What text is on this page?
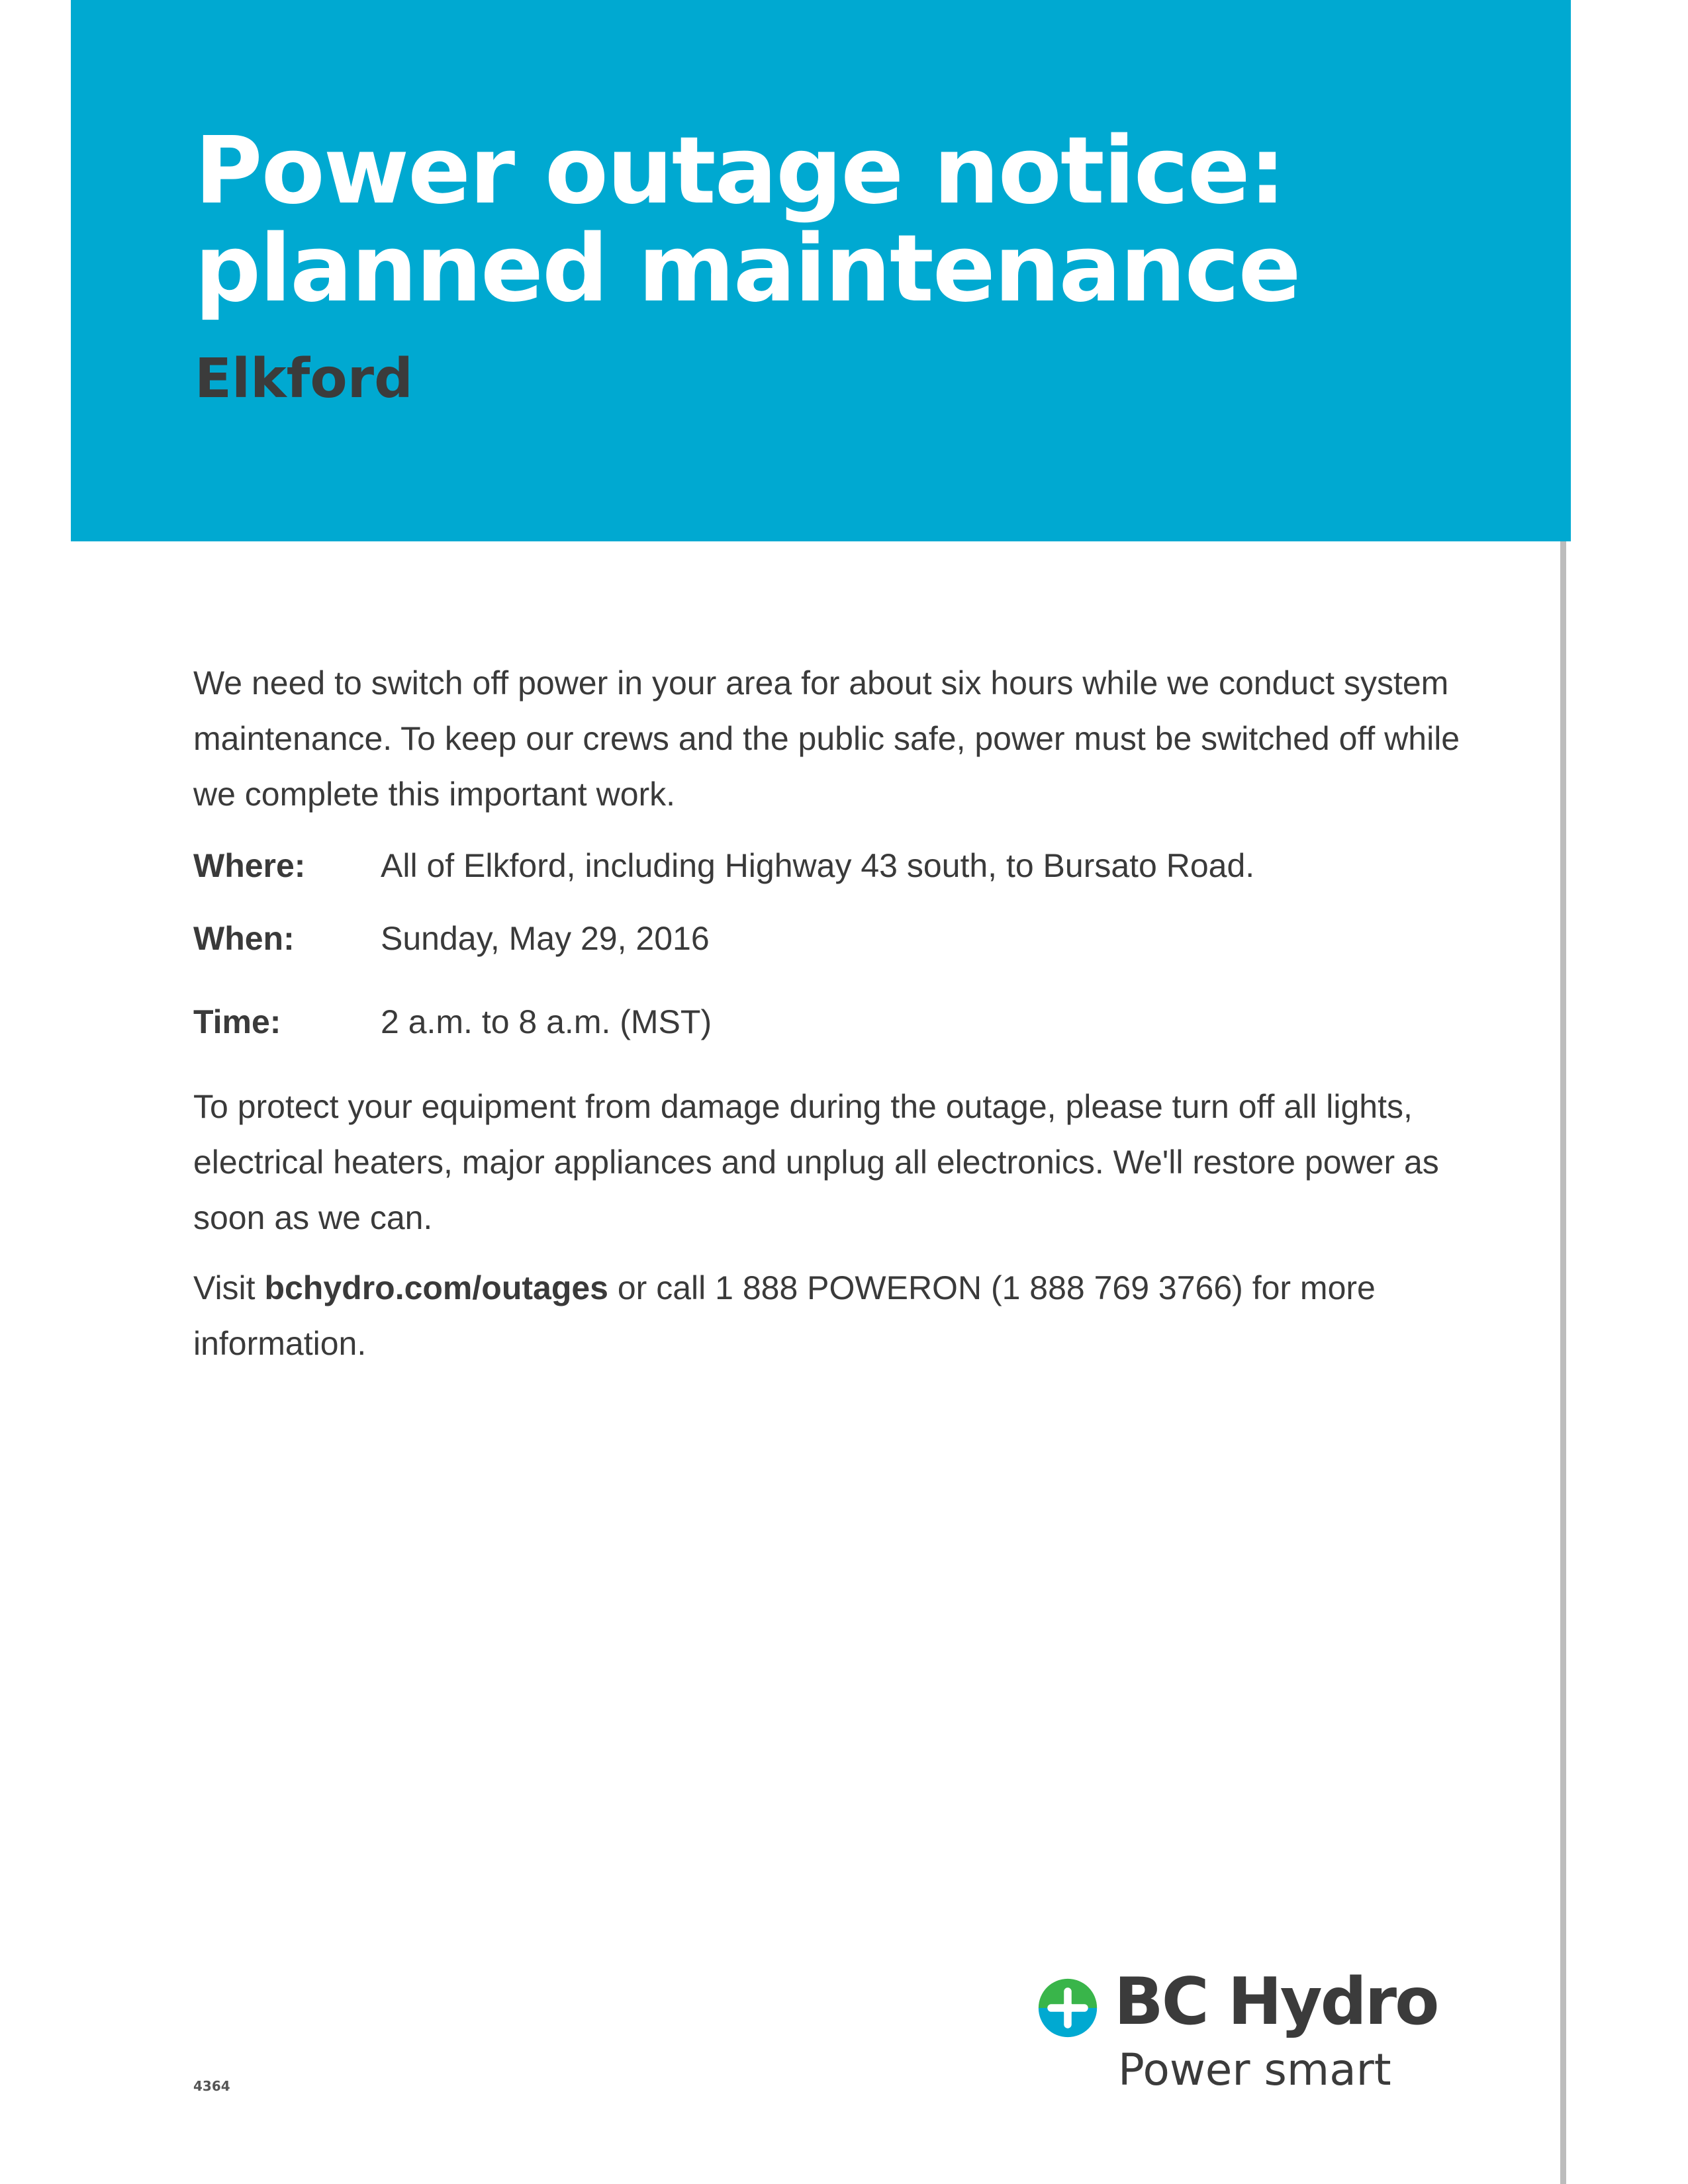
Power outage notice:
planned maintenance
Elkford

We need to switch off power in your area for about six hours while we conduct system maintenance. To keep our crews and the public safe, power must be switched off while we complete this important work.

Where:	All of Elkford, including Highway 43 south, to Bursato Road.
When:	Sunday, May 29, 2016
Time:	2 a.m. to 8 a.m. (MST)

To protect your equipment from damage during the outage, please turn off all lights, electrical heaters, major appliances and unplug all electronics. We'll restore power as soon as we can.

Visit bchydro.com/outages or call 1 888 POWERON (1 888 769 3766) for more information.

BC Hydro
Power smart
4364
